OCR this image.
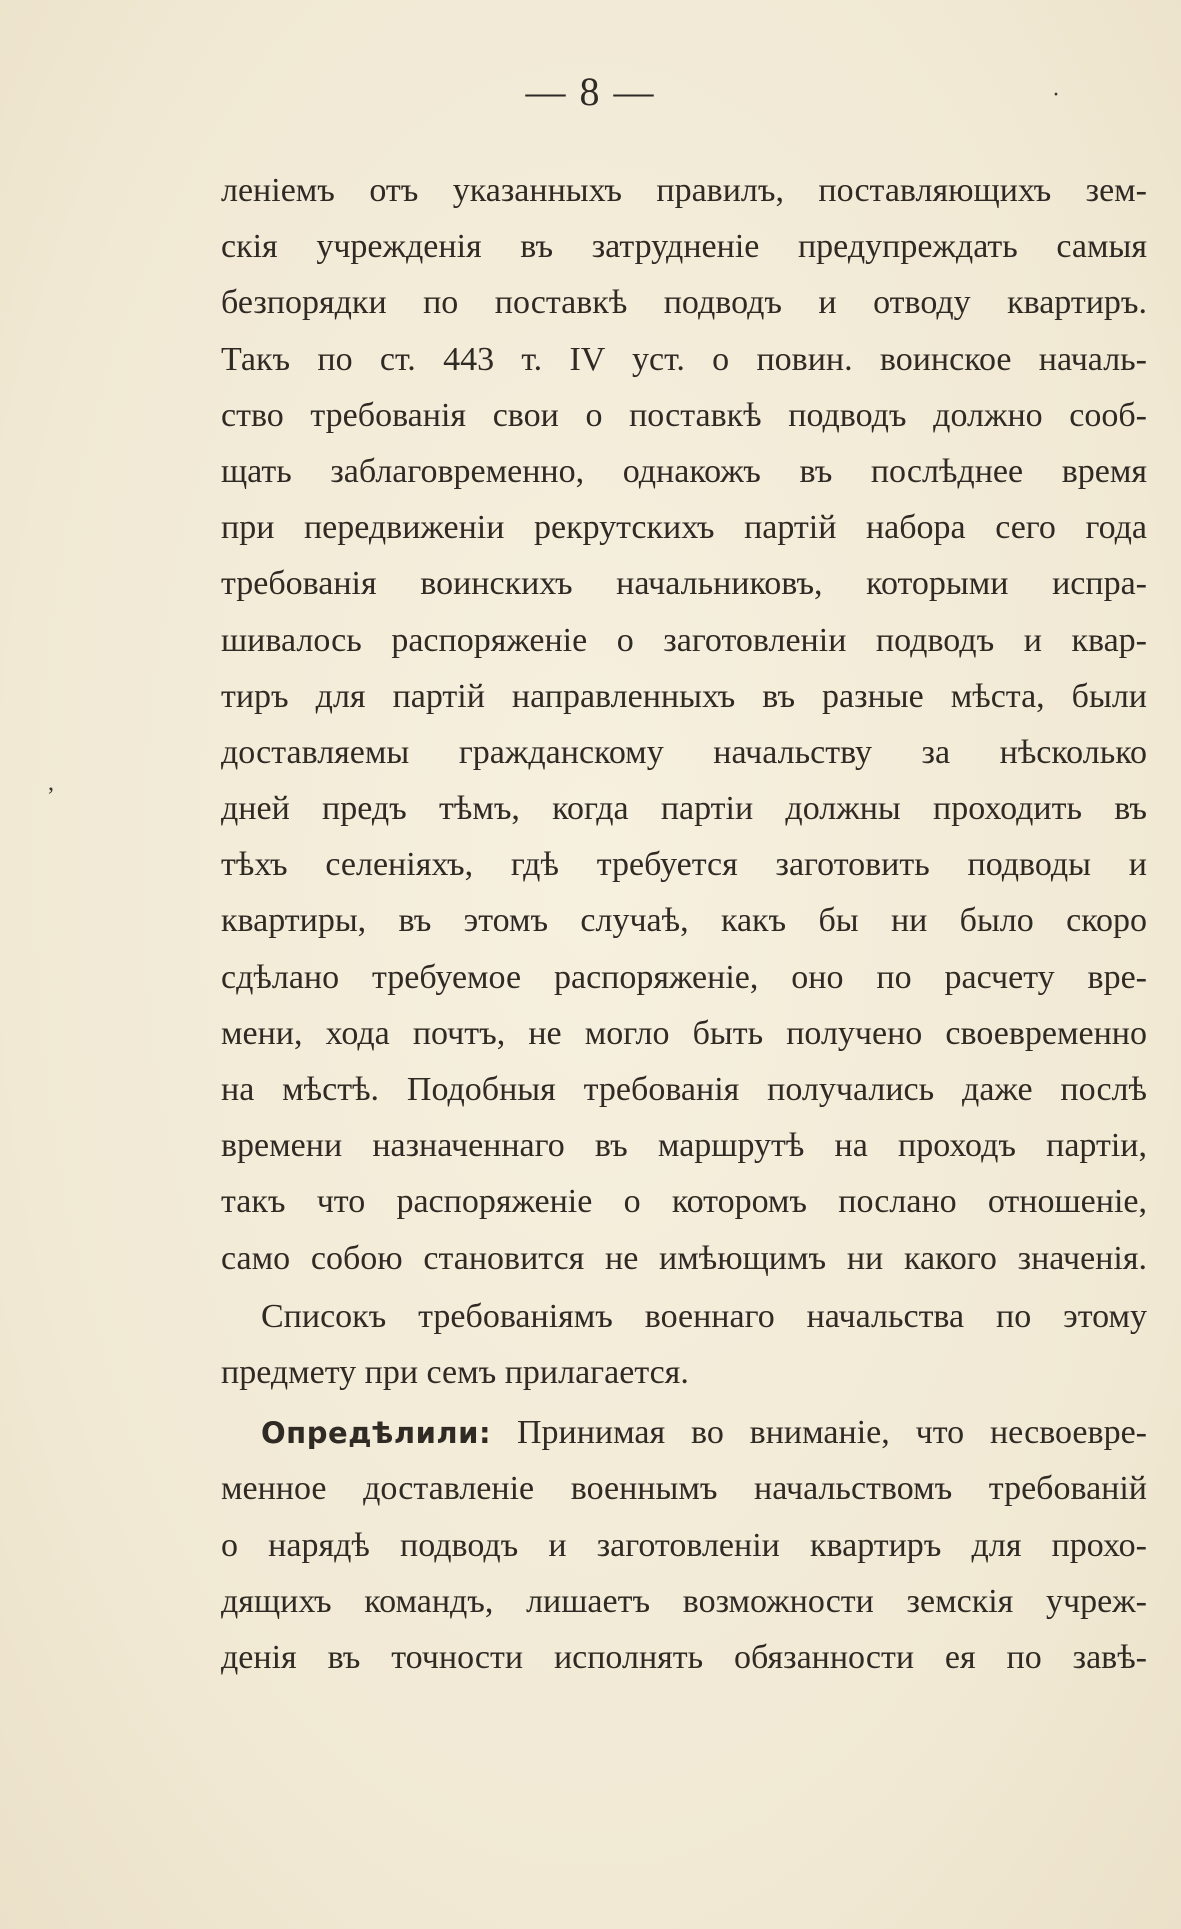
— 8 —	·
,
леніемъ отъ указанныхъ правилъ, поставляющихъ зем-
скія учрежденія въ затрудненіе предупреждать самыя
безпорядки по поставкѣ подводъ и отводу квартиръ.
Такъ по ст. 443 т. IV уст. о повин. воинское началь-
ство требованія свои о поставкѣ подводъ должно сооб-
щать заблаговременно, однакожъ въ послѣднее время
при передвиженіи рекрутскихъ партій набора сего года
требованія воинскихъ начальниковъ, которыми испра-
шивалось распоряженіе о заготовленіи подводъ и квар-
тиръ для партій направленныхъ въ разные мѣста, были
доставляемы гражданскому начальству за нѣсколько
дней предъ тѣмъ, когда партіи должны проходить въ
тѣхъ селеніяхъ, гдѣ требуется заготовить подводы и
квартиры, въ этомъ случаѣ, какъ бы ни было скоро
сдѣлано требуемое распоряженіе, оно по расчету вре-
мени, хода почтъ, не могло быть получено своевременно
на мѣстѣ. Подобныя требованія получались даже послѣ
времени назначеннаго въ маршрутѣ на проходъ партіи,
такъ что распоряженіе о которомъ послано отношеніе,
само собою становится не имѣющимъ ни какого значенія.
Списокъ требованіямъ военнаго начальства по этому
предмету при семъ прилагается.
Опредѣлили: Принимая во вниманіе, что несвоевре-
менное доставленіе военнымъ начальствомъ требованій
о нарядѣ подводъ и заготовленіи квартиръ для прохо-
дящихъ командъ, лишаетъ возможности земскія учреж-
денія въ точности исполнять обязанности ея по завѣ-
